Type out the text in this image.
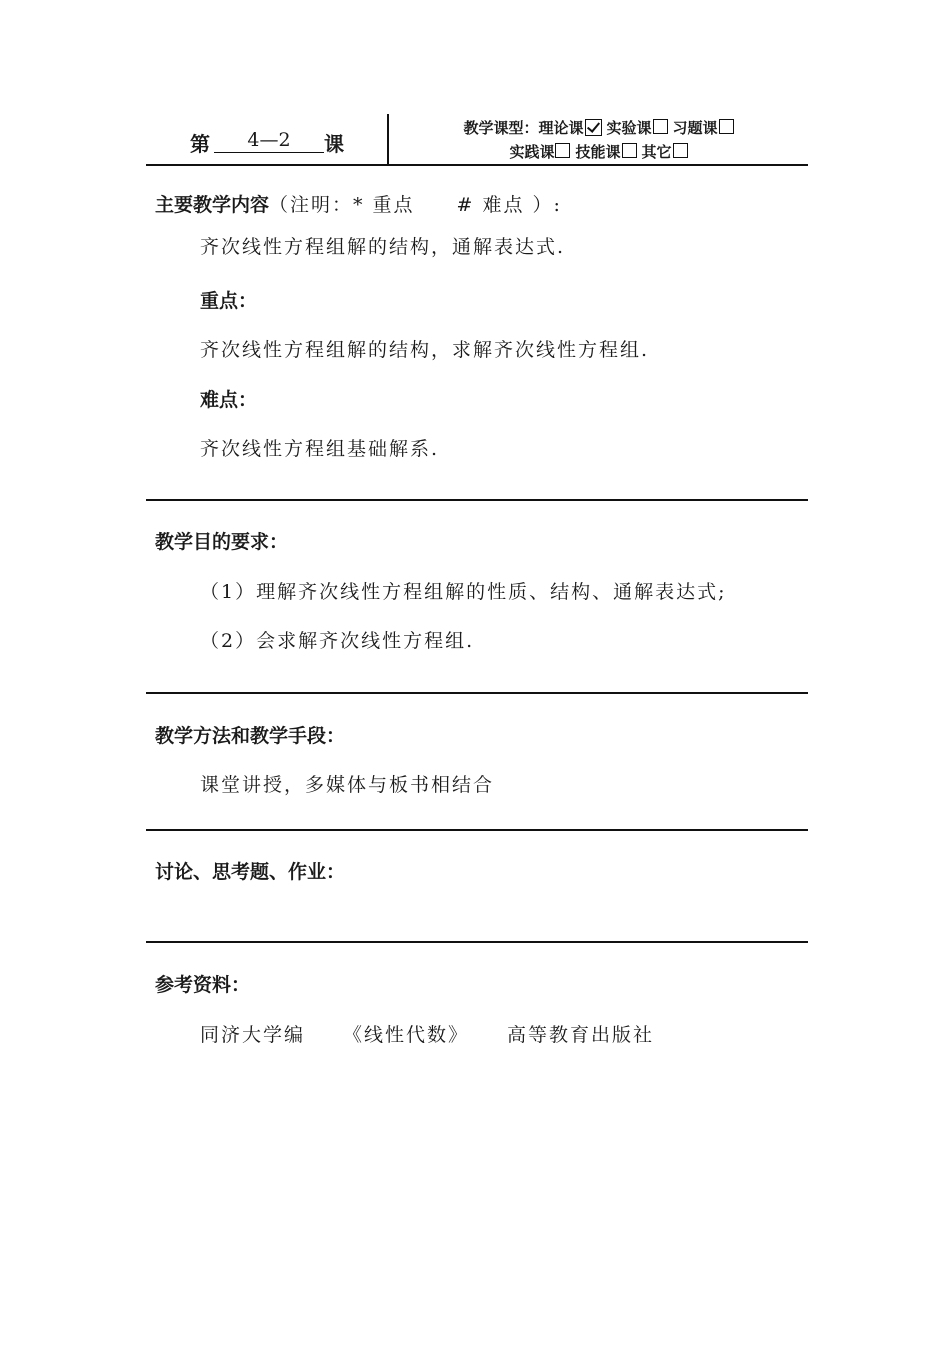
第	4—2	课
教学课型：理论课 实验课 习题课
实践课 技能课 其它
主要教学内容（注明：* 重点　　# 难点 ）:
齐次线性方程组解的结构，通解表达式.
重点：
齐次线性方程组解的结构，求解齐次线性方程组.
难点：
齐次线性方程组基础解系.
教学目的要求：
（1）理解齐次线性方程组解的性质、结构、通解表达式;
（2）会求解齐次线性方程组.
教学方法和教学手段：
课堂讲授，多媒体与板书相结合
讨论、思考题、作业：
参考资料：
同济大学编 《线性代数》 高等教育出版社
